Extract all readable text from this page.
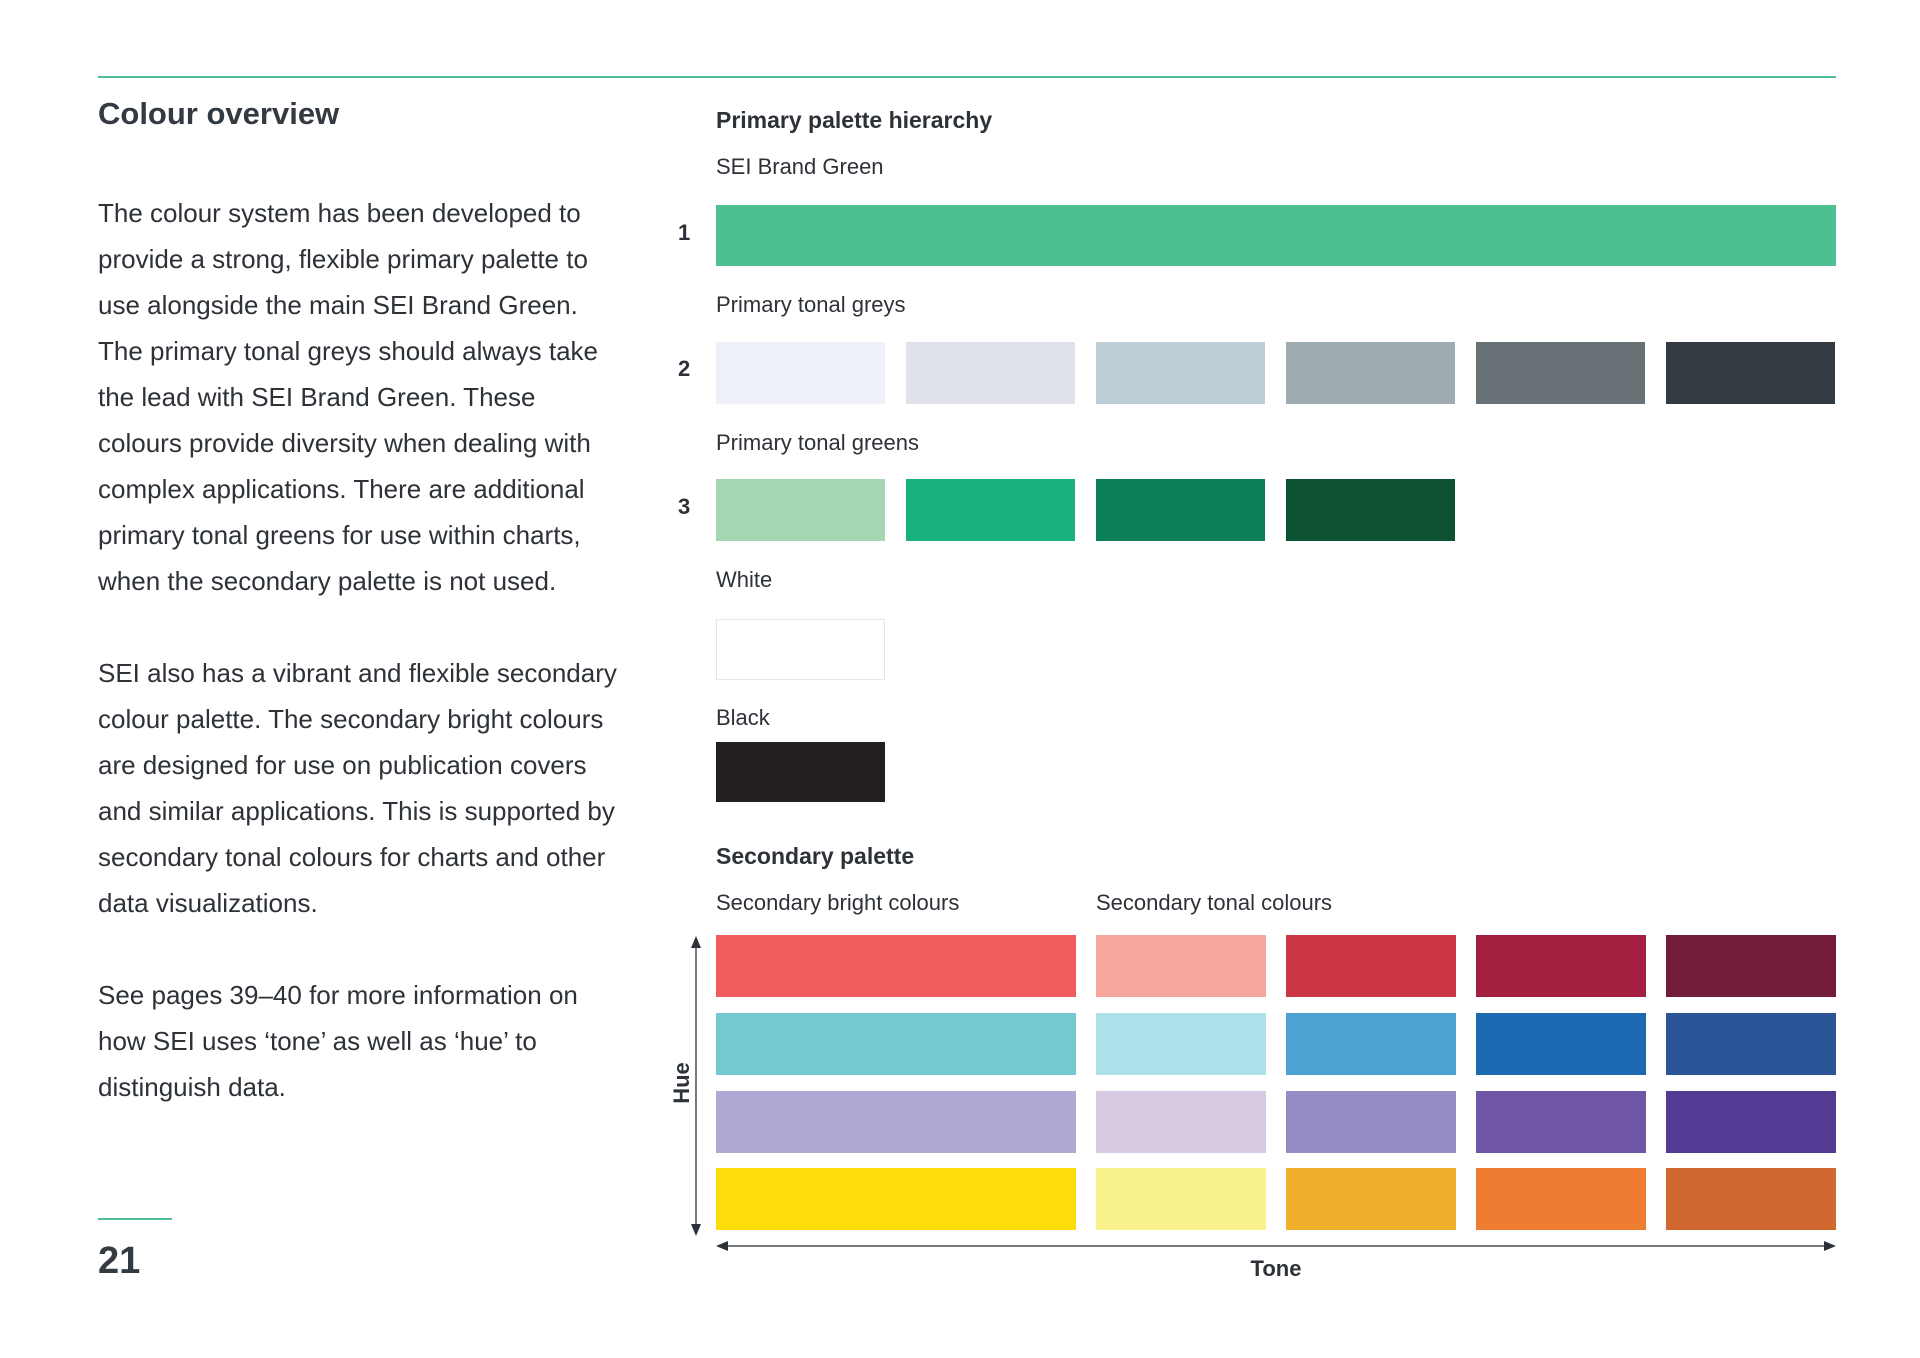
Colour overview

The colour system has been developed to provide a strong, flexible primary palette to use alongside the main SEI Brand Green. The primary tonal greys should always take the lead with SEI Brand Green. These colours provide diversity when dealing with complex applications. There are additional primary tonal greens for use within charts, when the secondary palette is not used.

SEI also has a vibrant and flexible secondary colour palette. The secondary bright colours are designed for use on publication covers and similar applications. This is supported by secondary tonal colours for charts and other data visualizations.

See pages 39–40 for more information on how SEI uses ‘tone’ as well as ‘hue’ to distinguish data.

21
Primary palette hierarchy
SEI Brand Green
1
Primary tonal greys
2
Primary tonal greens
3
White
Black
Secondary palette
Secondary bright colours	Secondary tonal colours
Hue
Tone
